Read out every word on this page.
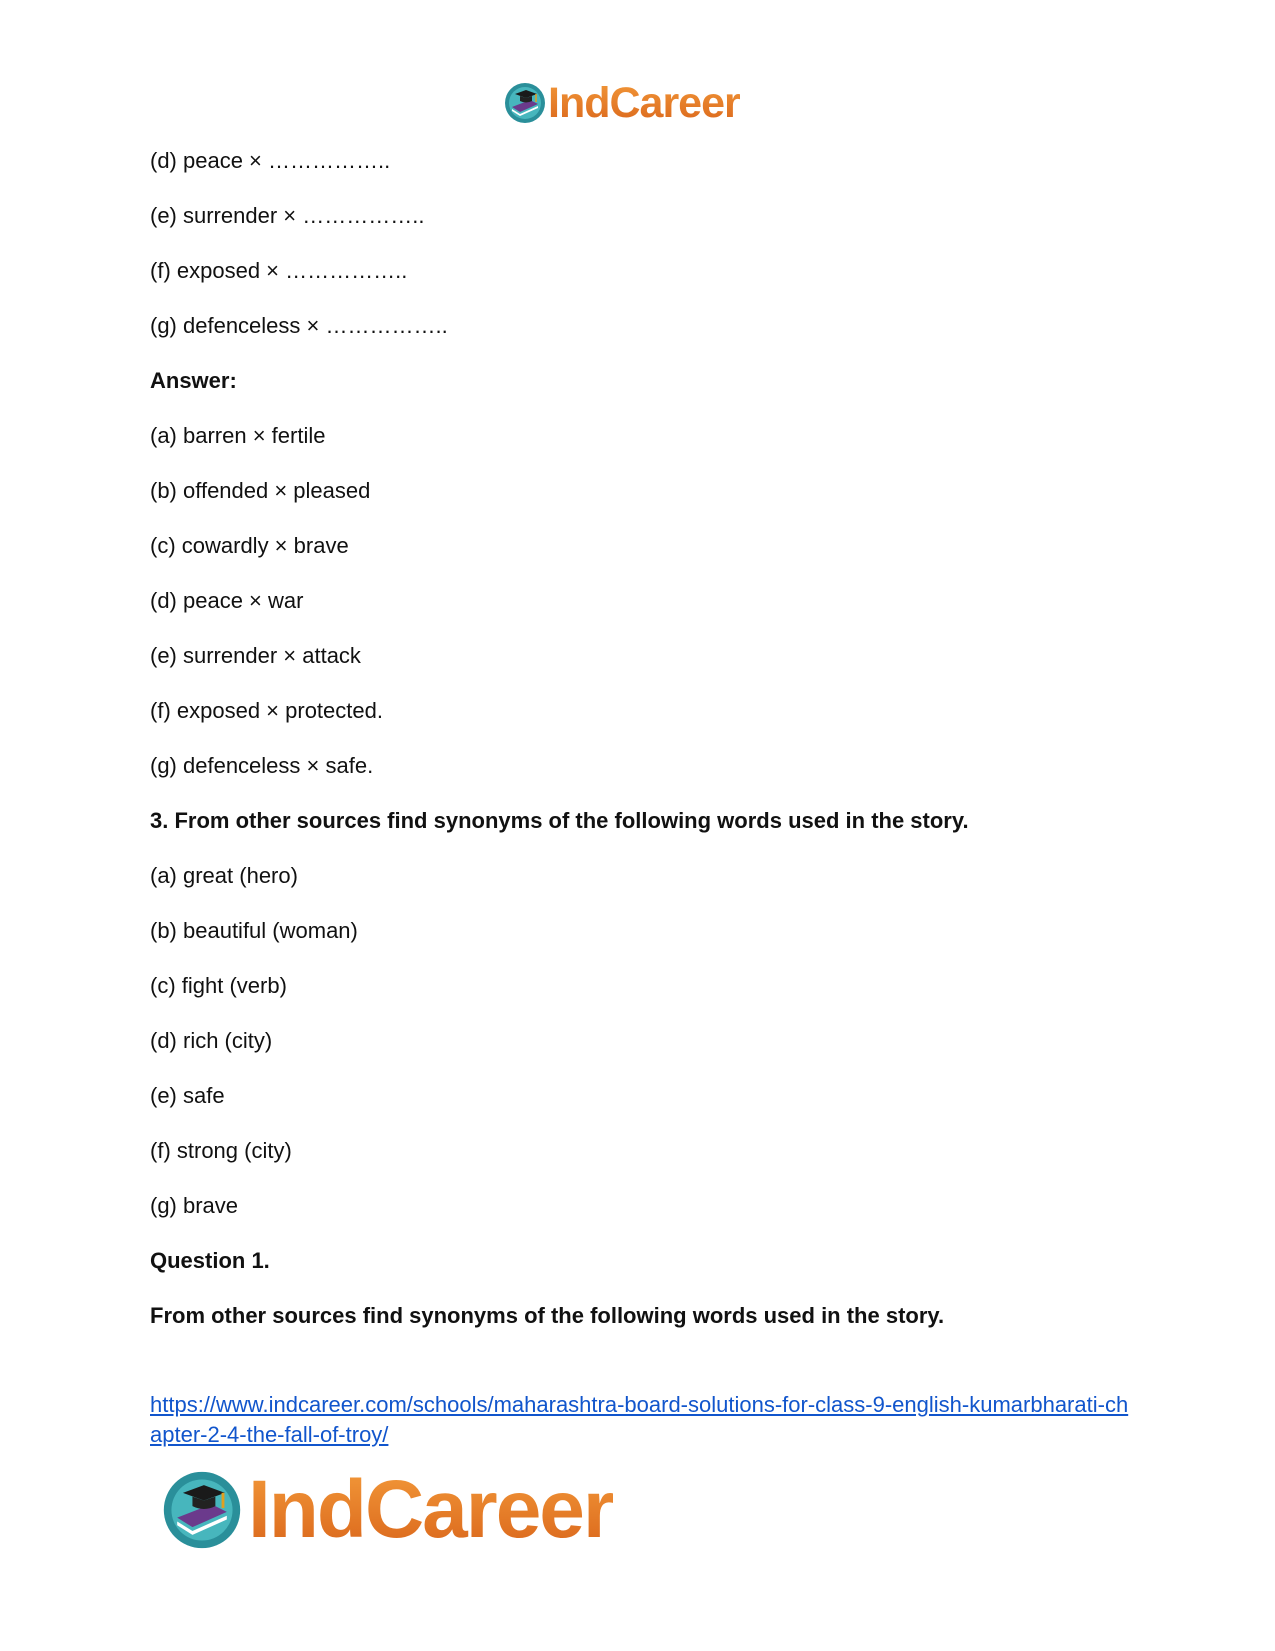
IndCareer
(d) peace × ……………..
(e) surrender × ……………..
(f) exposed × ……………..
(g) defenceless × ……………..
Answer:
(a) barren × fertile
(b) offended × pleased
(c) cowardly × brave
(d) peace × war
(e) surrender × attack
(f) exposed × protected.
(g) defenceless × safe.
3. From other sources find synonyms of the following words used in the story.
(a) great (hero)
(b) beautiful (woman)
(c) fight (verb)
(d) rich (city)
(e) safe
(f) strong (city)
(g) brave
Question 1.
From other sources find synonyms of the following words used in the story.
https://www.indcareer.com/schools/maharashtra-board-solutions-for-class-9-english-kumarbharati-chapter-2-4-the-fall-of-troy/
IndCareer
